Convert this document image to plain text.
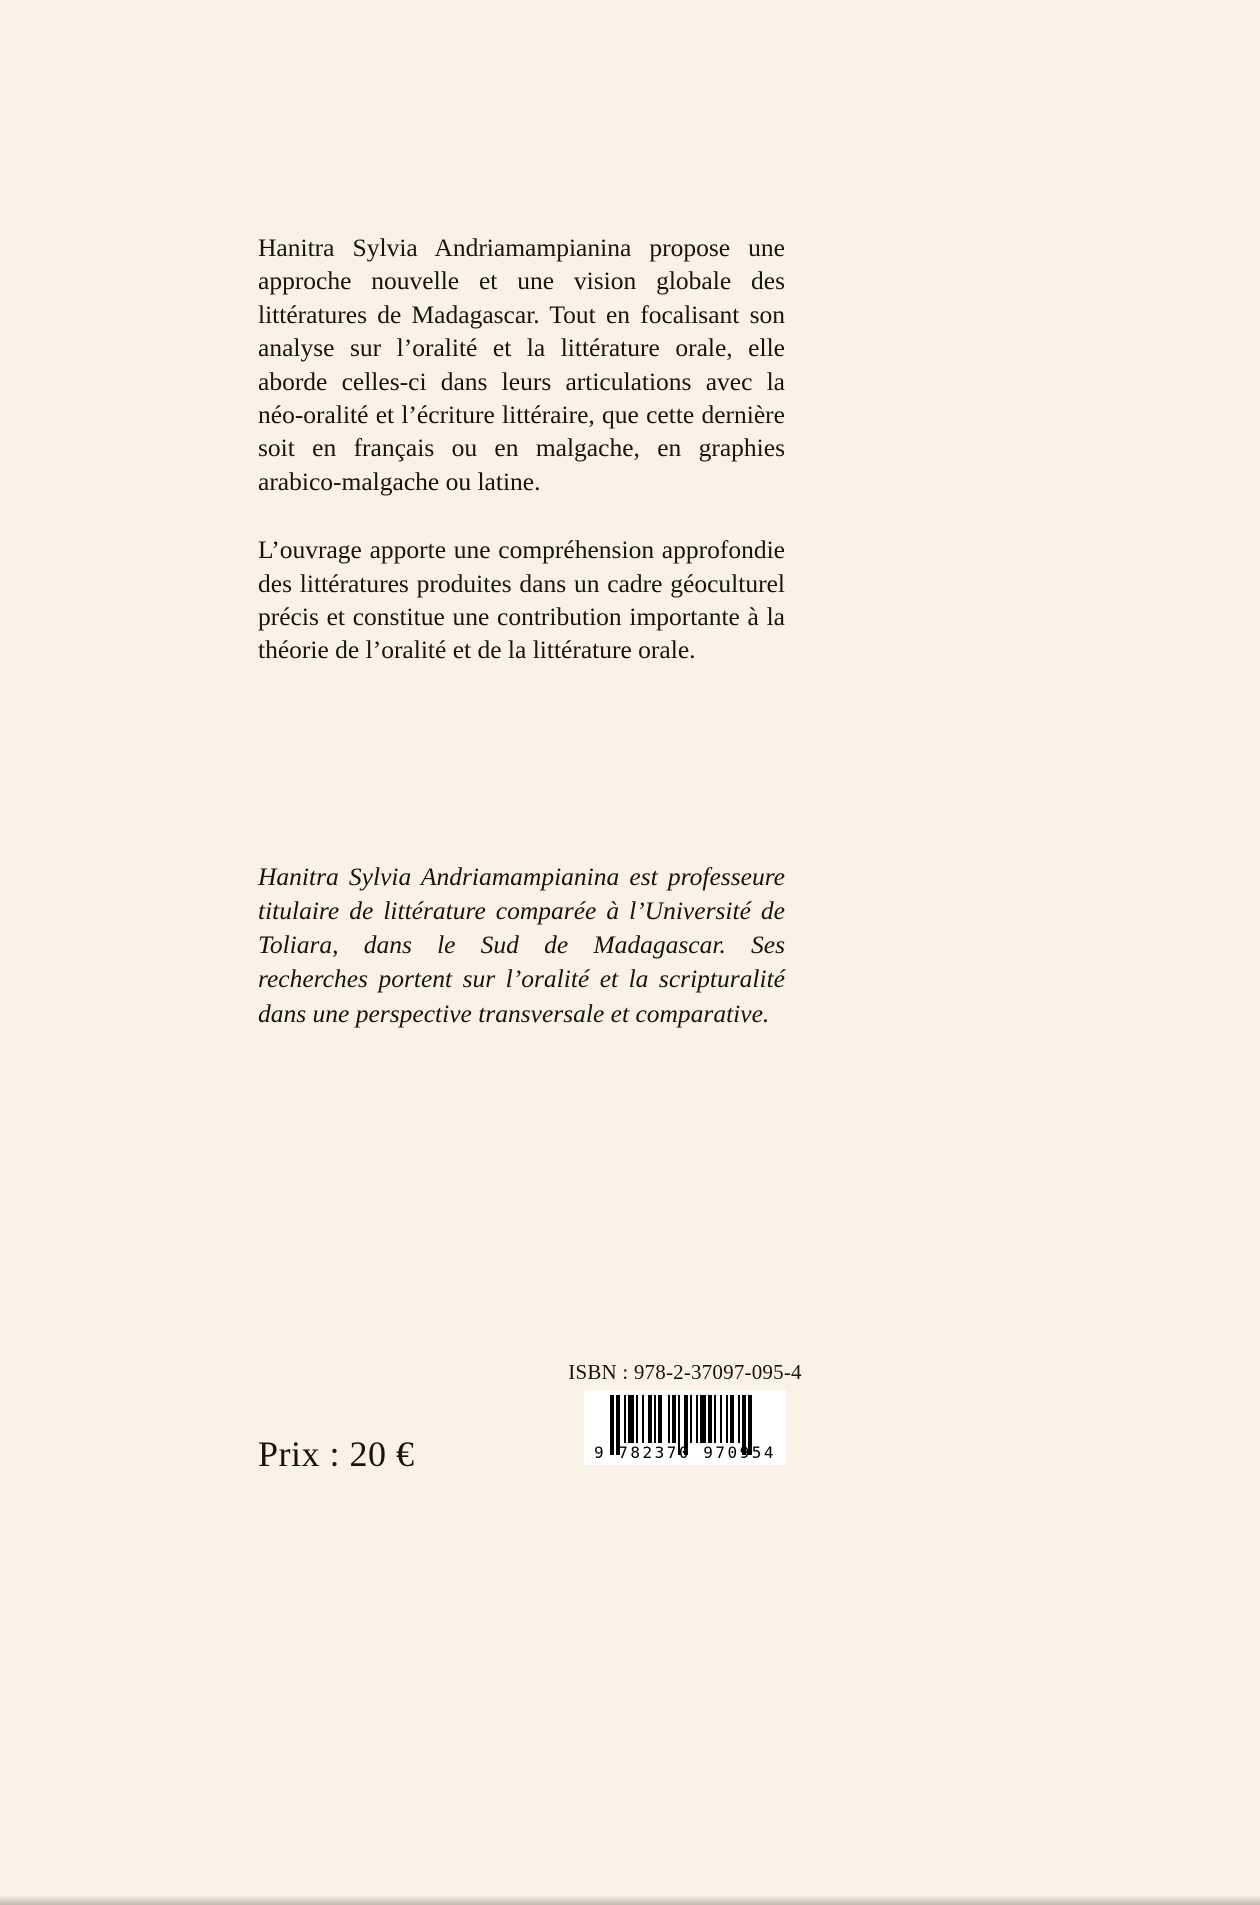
Hanitra Sylvia Andriamampianina propose une approche nouvelle et une vision globale des littératures de Madagascar. Tout en focalisant son analyse sur l’oralité et la littérature orale, elle aborde celles-ci dans leurs articulations avec la néo-oralité et l’écriture littéraire, que cette dernière soit en français ou en malgache, en graphies arabico-malgache ou latine.

L’ouvrage apporte une compréhension approfondie des littératures produites dans un cadre géoculturel précis et constitue une contribution importante à la théorie de l’oralité et de la littérature orale.

Hanitra Sylvia Andriamampianina est professeure titulaire de littérature comparée à l’Université de Toliara, dans le Sud de Madagascar. Ses recherches portent sur l’oralité et la scripturalité dans une perspective transversale et comparative.
ISBN : 978-2-37097-095-4
9 782370 970954
Prix : 20 €
